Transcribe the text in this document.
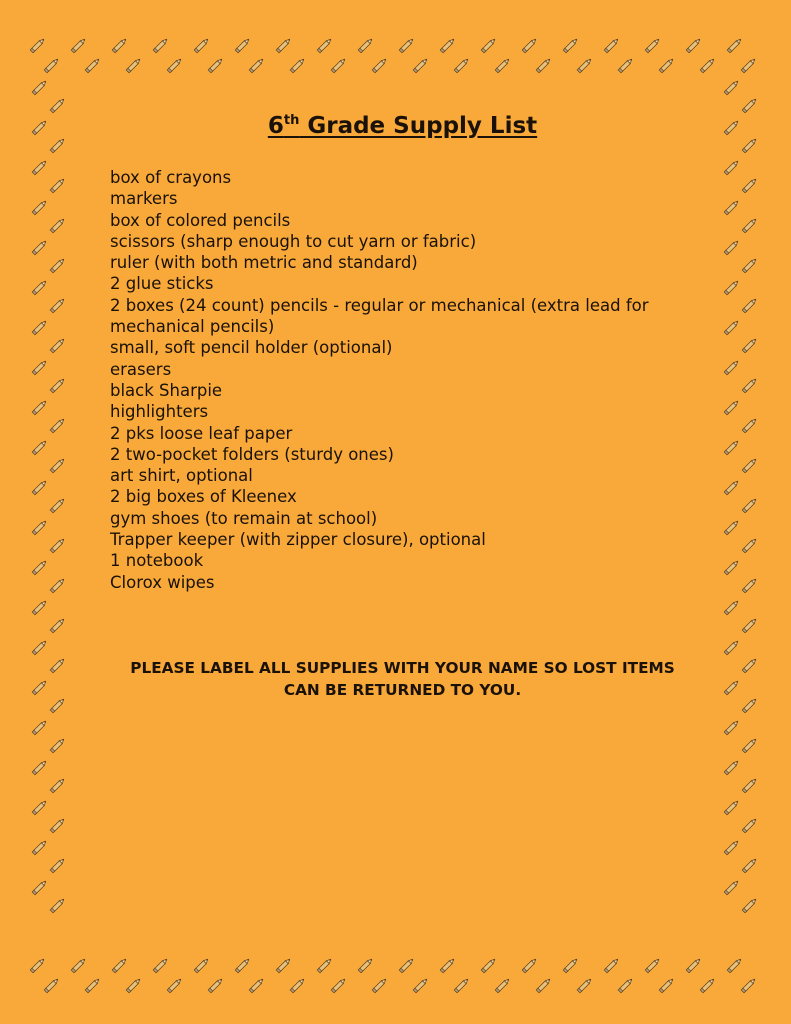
6th Grade Supply List
box of crayons
markers
box of colored pencils
scissors (sharp enough to cut yarn or fabric)
ruler (with both metric and standard)
2 glue sticks
2 boxes (24 count) pencils - regular or mechanical (extra lead for
mechanical pencils)
small, soft pencil holder (optional)
erasers
black Sharpie
highlighters
2 pks loose leaf paper
2 two-pocket folders (sturdy ones)
art shirt, optional
2 big boxes of Kleenex
gym shoes (to remain at school)
Trapper keeper (with zipper closure), optional
1 notebook
Clorox wipes
PLEASE LABEL ALL SUPPLIES WITH YOUR NAME SO LOST ITEMS
CAN BE RETURNED TO YOU.
